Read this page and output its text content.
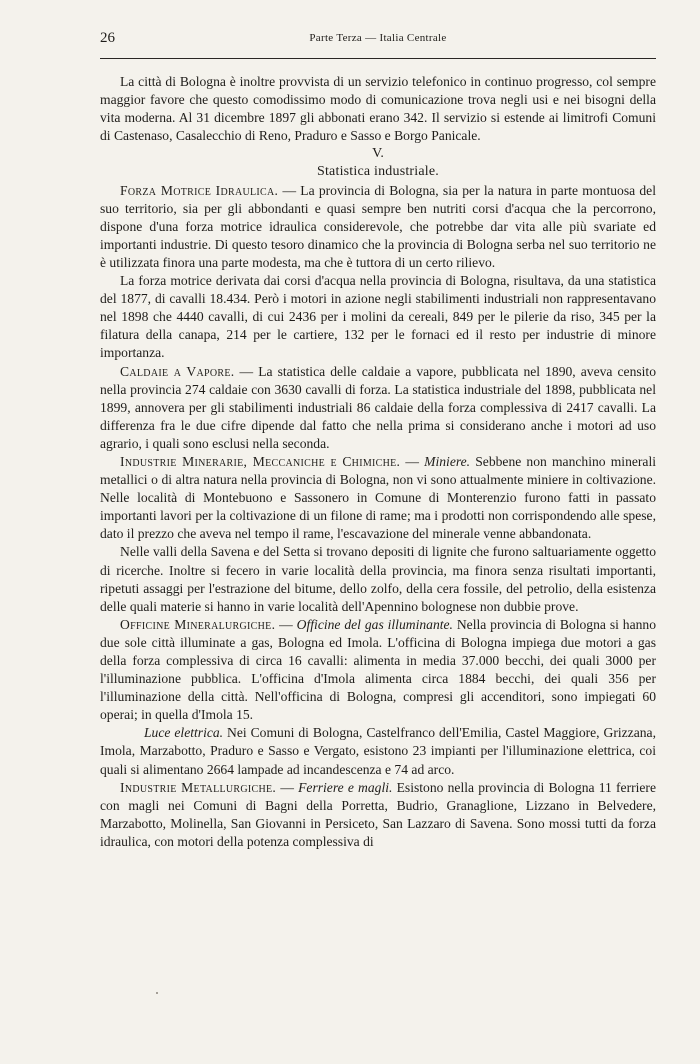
26	Parte Terza — Italia Centrale

La città di Bologna è inoltre provvista di un servizio telefonico in continuo progresso, col sempre maggior favore che questo comodissimo modo di comunicazione trova negli usi e nei bisogni della vita moderna. Al 31 dicembre 1897 gli abbonati erano 342. Il servizio si estende ai limitrofi Comuni di Castenaso, Casalecchio di Reno, Praduro e Sasso e Borgo Panicale.

V.

Statistica industriale.

Forza Motrice Idraulica. — La provincia di Bologna, sia per la natura in parte montuosa del suo territorio, sia per gli abbondanti e quasi sempre ben nutriti corsi d'acqua che la percorrono, dispone d'una forza motrice idraulica considerevole, che potrebbe dar vita alle più svariate ed importanti industrie. Di questo tesoro dinamico che la provincia di Bologna serba nel suo territorio ne è utilizzata finora una parte modesta, ma che è tuttora di un certo rilievo.

La forza motrice derivata dai corsi d'acqua nella provincia di Bologna, risultava, da una statistica del 1877, di cavalli 18.434. Però i motori in azione negli stabilimenti industriali non rappresentavano nel 1898 che 4440 cavalli, di cui 2436 per i molini da cereali, 849 per le pilerie da riso, 345 per la filatura della canapa, 214 per le cartiere, 132 per le fornaci ed il resto per industrie di minore importanza.

Caldaie a Vapore. — La statistica delle caldaie a vapore, pubblicata nel 1890, aveva censito nella provincia 274 caldaie con 3630 cavalli di forza. La statistica industriale del 1898, pubblicata nel 1899, annovera per gli stabilimenti industriali 86 caldaie della forza complessiva di 2417 cavalli. La differenza fra le due cifre dipende dal fatto che nella prima si considerano anche i motori ad uso agrario, i quali sono esclusi nella seconda.

Industrie Minerarie, Meccaniche e Chimiche. — Miniere. Sebbene non manchino minerali metallici o di altra natura nella provincia di Bologna, non vi sono attualmente miniere in coltivazione. Nelle località di Montebuono e Sassonero in Comune di Monterenzio furono fatti in passato importanti lavori per la coltivazione di un filone di rame; ma i prodotti non corrispondendo alle spese, dato il prezzo che aveva nel tempo il rame, l'escavazione del minerale venne abbandonata.

Nelle valli della Savena e del Setta si trovano depositi di lignite che furono saltuariamente oggetto di ricerche. Inoltre si fecero in varie località della provincia, ma finora senza risultati importanti, ripetuti assaggi per l'estrazione del bitume, dello zolfo, della cera fossile, del petrolio, della esistenza delle quali materie si hanno in varie località dell'Apennino bolognese non dubbie prove.

Officine Mineralurgiche. — Officine del gas illuminante. Nella provincia di Bologna si hanno due sole città illuminate a gas, Bologna ed Imola. L'officina di Bologna impiega due motori a gas della forza complessiva di circa 16 cavalli: alimenta in media 37.000 becchi, dei quali 3000 per l'illuminazione pubblica. L'officina d'Imola alimenta circa 1884 becchi, dei quali 356 per l'illuminazione della città. Nell'officina di Bologna, compresi gli accenditori, sono impiegati 60 operai; in quella d'Imola 15.

Luce elettrica. Nei Comuni di Bologna, Castelfranco dell'Emilia, Castel Maggiore, Grizzana, Imola, Marzabotto, Praduro e Sasso e Vergato, esistono 23 impianti per l'illuminazione elettrica, coi quali si alimentano 2664 lampade ad incandescenza e 74 ad arco.

Industrie Metallurgiche. — Ferriere e magli. Esistono nella provincia di Bologna 11 ferriere con magli nei Comuni di Bagni della Porretta, Budrio, Granaglione, Lizzano in Belvedere, Marzabotto, Molinella, San Giovanni in Persiceto, San Lazzaro di Savena. Sono mossi tutti da forza idraulica, con motori della potenza complessiva di
